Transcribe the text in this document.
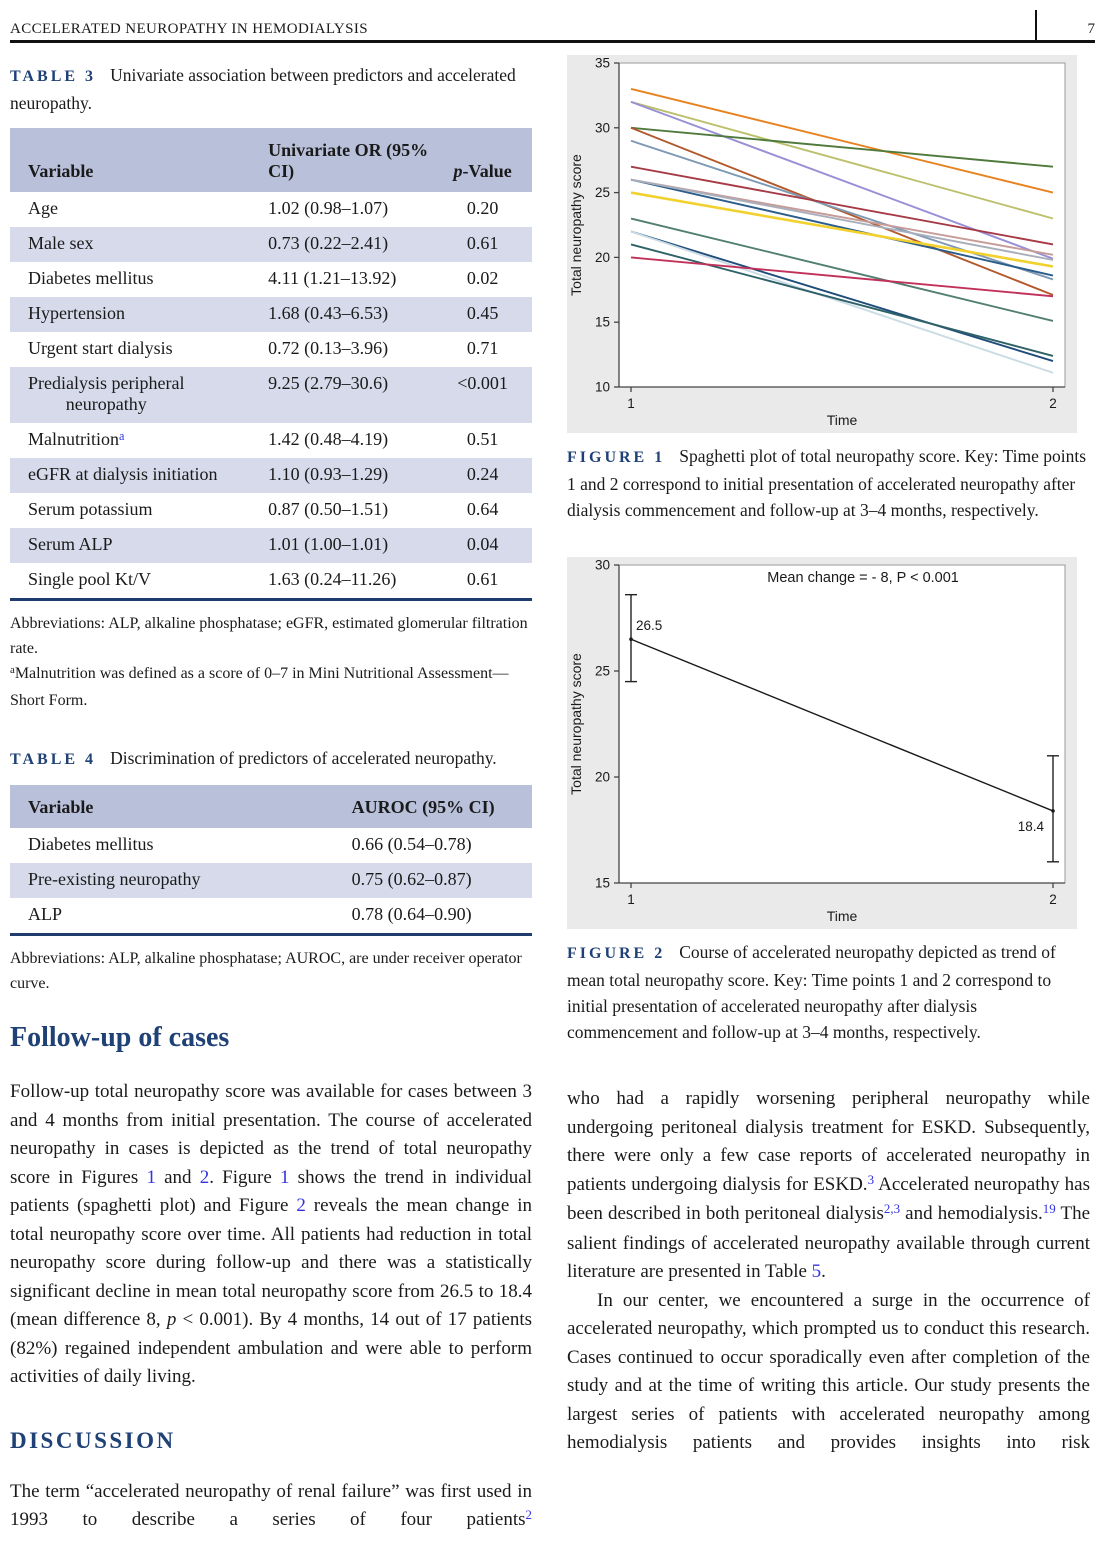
ACCELERATED NEUROPATHY IN HEMODIALYSIS	7

TABLE 3 Univariate association between predictors and accelerated neuropathy.

Variable	Univariate OR (95% CI)	p-Value

Age	1.02 (0.98–1.07)	0.20

Male sex	0.73 (0.22–2.41)	0.61

Diabetes mellitus	4.11 (1.21–13.92)	0.02

Hypertension	1.68 (0.43–6.53)	0.45

Urgent start dialysis	0.72 (0.13–3.96)	0.71

Predialysis peripheral neuropathy	9.25 (2.79–30.6)	<0.001

Malnutrition$^a$	1.42 (0.48–4.19)	0.51

eGFR at dialysis initiation	1.10 (0.93–1.29)	0.24

Serum potassium	0.87 (0.50–1.51)	0.64

Serum ALP	1.01 (1.00–1.01)	0.04

Single pool Kt/V	1.63 (0.24–11.26)	0.61

Abbreviations: ALP, alkaline phosphatase; eGFR, estimated glomerular filtration rate.

$^a$Malnutrition was defined as a score of 0–7 in Mini Nutritional Assessment—Short Form.

TABLE 4 Discrimination of predictors of accelerated neuropathy.

Variable	AUROC (95% CI)

Diabetes mellitus	0.66 (0.54–0.78)

Pre-existing neuropathy	0.75 (0.62–0.87)

ALP	0.78 (0.64–0.90)

Abbreviations: ALP, alkaline phosphatase; AUROC, are under receiver operator curve.

Follow-up of cases

Follow-up total neuropathy score was available for cases between 3 and 4 months from initial presentation. The course of accelerated neuropathy in cases is depicted as the trend of total neuropathy score in Figures 1 and 2. Figure 1 shows the trend in individual patients (spaghetti plot) and Figure 2 reveals the mean change in total neuropathy score over time. All patients had reduction in total neuropathy score during follow-up and there was a statistically significant decline in mean total neuropathy score from 26.5 to 18.4 (mean difference 8, p < 0.001). By 4 months, 14 out of 17 patients (82%) regained independent ambulation and were able to perform activities of daily living.

DISCUSSION

The term “accelerated neuropathy of renal failure” was first used in 1993 to describe a series of four patients$^2$

10
15
20
25
30
35
1	2
Time
Total neuropathy score

FIGURE 1 Spaghetti plot of total neuropathy score. Key: Time points 1 and 2 correspond to initial presentation of accelerated neuropathy after dialysis commencement and follow-up at 3–4 months, respectively.

15
20
25
30
1	2
Time
Total neuropathy score
26.5
18.4
Mean change = - 8, P < 0.001

FIGURE 2 Course of accelerated neuropathy depicted as trend of mean total neuropathy score. Key: Time points 1 and 2 correspond to initial presentation of accelerated neuropathy after dialysis commencement and follow-up at 3–4 months, respectively.

who had a rapidly worsening peripheral neuropathy while undergoing peritoneal dialysis treatment for ESKD. Subsequently, there were only a few case reports of accelerated neuropathy in patients undergoing dialysis for ESKD.$^3$ Accelerated neuropathy has been described in both peritoneal dialysis$^{2,3}$ and hemodialysis.$^{19}$ The salient findings of accelerated neuropathy available through current literature are presented in Table 5.

In our center, we encountered a surge in the occurrence of accelerated neuropathy, which prompted us to conduct this research. Cases continued to occur sporadically even after completion of the study and at the time of writing this article. Our study presents the largest series of patients with accelerated neuropathy among hemodialysis patients and provides insights into risk
